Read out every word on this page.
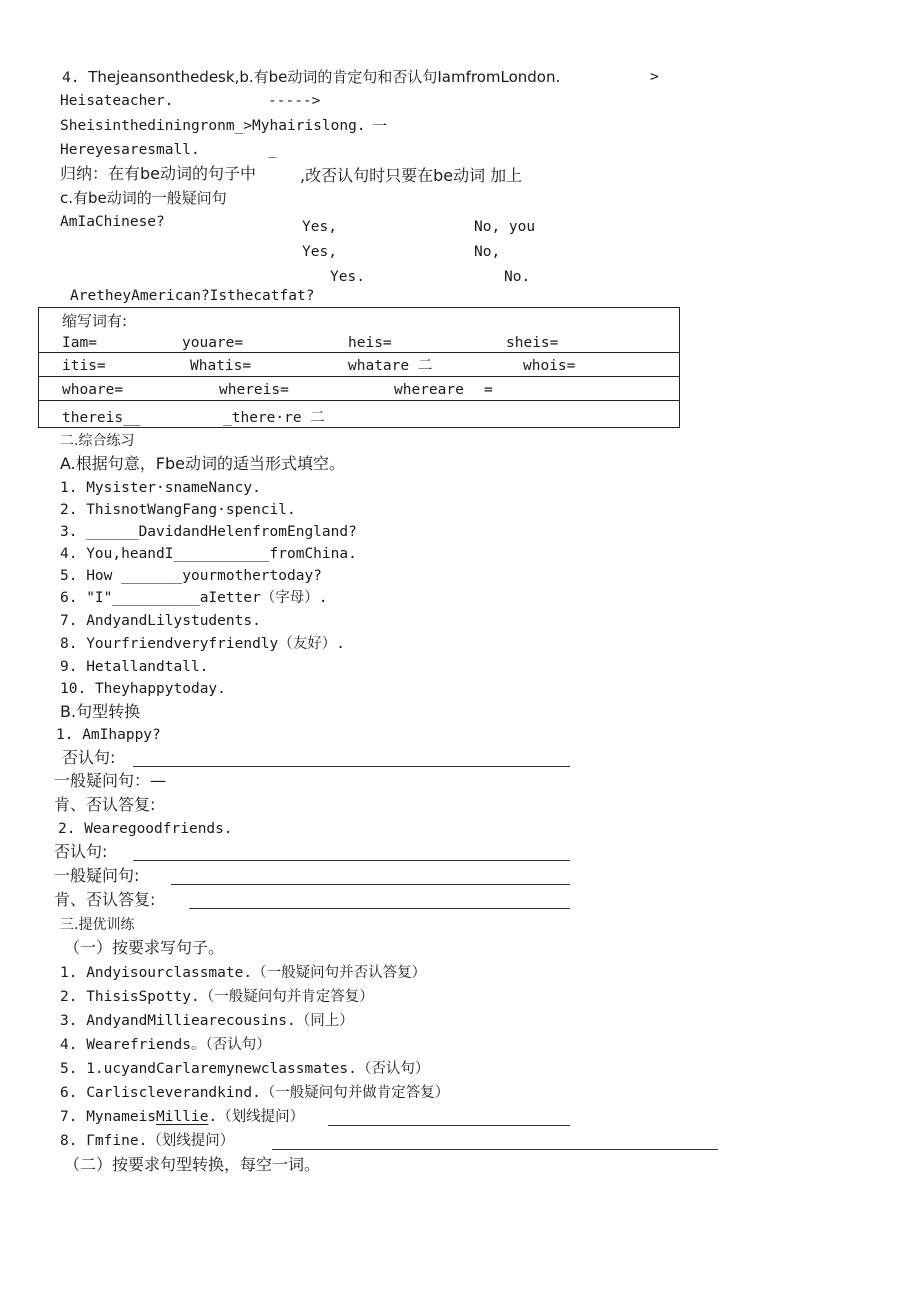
4. Thejeansonthedesk,b.有be动词的肯定句和否认句IamfromLondon.	>
Heisateacher.	----->
Sheisinthediningronm_>Myhairislong. 一
Hereyesaresmall.	_
归纳：在有be动词的句子中	,改否认句时只要在be动词 加上
c.有be动词的一般疑问句
AmIaChinese?	Yes,	No, you
Yes,	No,
Yes.	No.
AretheyAmerican?Isthecatfat?
缩写词有:
Iam=	youare=	heis=	sheis=
itis=	Whatis=	whatare 二	whois=
whoare=	whereis=	whereare =
thereis__	_there·re 二
二.综合练习
A.根据句意，Fbe动词的适当形式填空。
1. Mysister·snameNancy.
2. ThisnotWangFang·spencil.
3. ______DavidandHelenfromEngland?
4. You,heandI___________fromChina.
5. How _______yourmothertoday?
6. "I"__________aIetter（字母）.
7. AndyandLilystudents.
8. Yourfriendveryfriendly（友好）.
9. Hetallandtall.
10. Theyhappytoday.
B.句型转换
1. AmIhappy?
否认句:
一般疑问句：—
肯、否认答复:
2. Wearegoodfriends.
否认句:
一般疑问句:
肯、否认答复:
三.提优训练
（一）按要求写句子。
1. Andyisourclassmate.（一般疑问句并否认答复）
2. ThisisSpotty.（一般疑问句并肯定答复）
3. AndyandMilliearecousins.（同上）
4. Wearefriends。（否认句）
5. 1.ucyandCarlaremynewclassmates.（否认句）
6. Carliscleverandkind.（一般疑问句并做肯定答复）
7. MynameisMillie.（划线提问）
8. Γmfine.（划线提问）
（二）按要求句型转换，每空一词。
